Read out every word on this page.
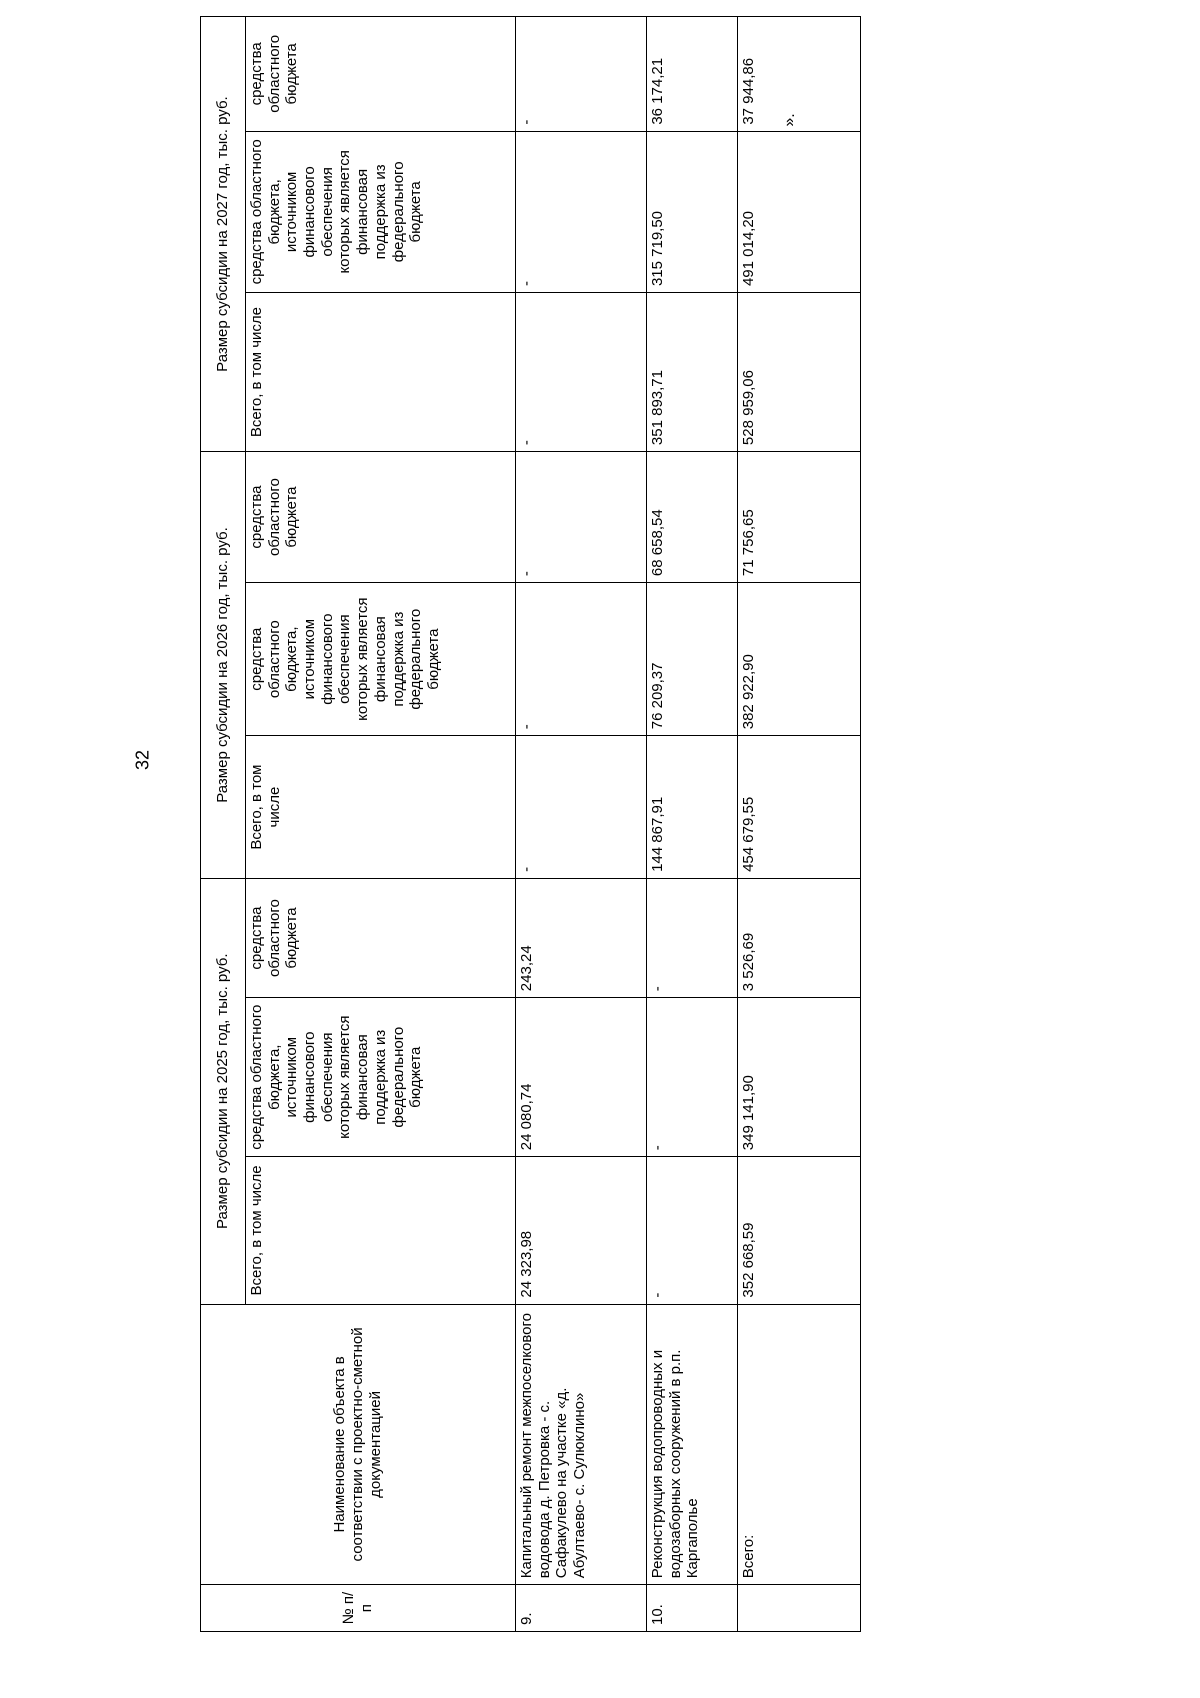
32
».
№ п/п	Наименование объекта в соответствии с проектно-сметной документацией	Размер субсидии на 2025 год, тыс. руб.			Размер субсидии на 2026 год, тыс. руб.			Размер субсидии на 2027 год, тыс. руб.		
		Всего, в том числе	средства областного бюджета, источником финансового обеспечения которых является финансовая поддержка из федерального бюджета	средства областного бюджета	Всего, в том числе	средства областного бюджета, источником финансового обеспечения которых является финансовая поддержка из федерального бюджета	средства областного бюджета	Всего, в том числе	средства областного бюджета, источником финансового обеспечения которых является финансовая поддержка из федерального бюджета	средства областного бюджета
9.	Капитальный ремонт межпоселкового водовода д. Петровка - с. Сафакулево на участке «д. Абултаево- с. Сулюклино»	24 323,98	24 080,74	243,24	-	-	-	-	-	-
10.	Реконструкция водопроводных и водозаборных сооружений в р.п. Каргаполье	-	-	-	144 867,91	76 209,37	68 658,54	351 893,71	315 719,50	36 174,21
	Всего:	352 668,59	349 141,90	3 526,69	454 679,55	382 922,90	71 756,65	528 959,06	491 014,20	37 944,86
